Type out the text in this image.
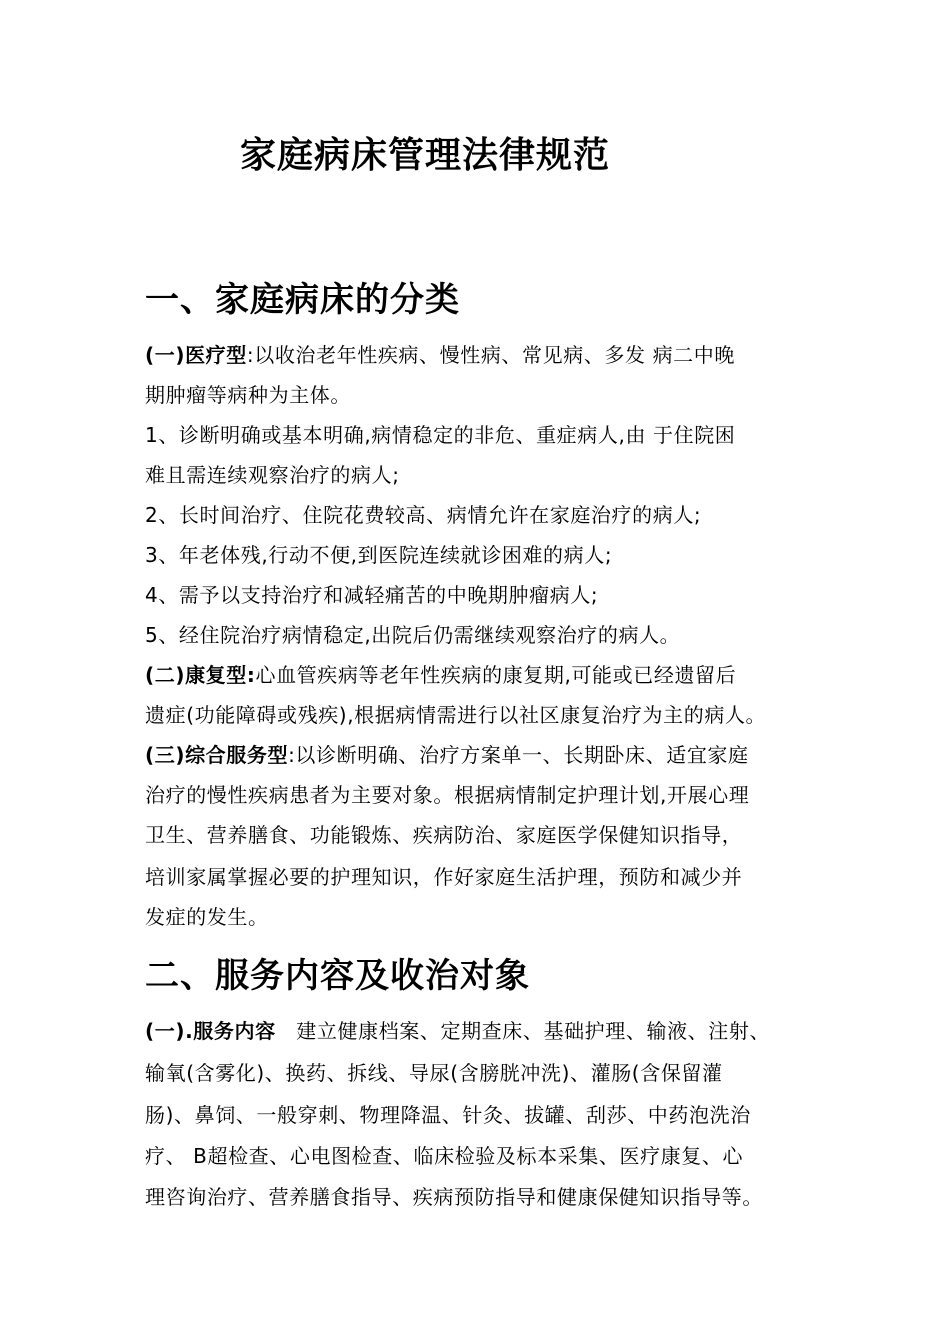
家庭病床管理法律规范
一、家庭病床的分类
(一)医疗型:以收治老年性疾病、慢性病、常见病、多发 病二中晚
期肿瘤等病种为主体。
1、诊断明确或基本明确,病情稳定的非危、重症病人,由 于住院困
难且需连续观察治疗的病人;
2、长时间治疗、住院花费较高、病情允许在家庭治疗的病人;
3、年老体残,行动不便,到医院连续就诊困难的病人;
4、需予以支持治疗和减轻痛苦的中晚期肿瘤病人;
5、经住院治疗病情稳定,出院后仍需继续观察治疗的病人。
(二)康复型:心血管疾病等老年性疾病的康复期,可能或已经遗留后
遗症(功能障碍或残疾),根据病情需进行以社区康复治疗为主的病人。
(三)综合服务型:以诊断明确、治疗方案单一、长期卧床、适宜家庭
治疗的慢性疾病患者为主要对象。根据病情制定护理计划,开展心理
卫生、营养膳食、功能锻炼、疾病防治、家庭医学保健知识指导，
培训家属掌握必要的护理知识，作好家庭生活护理，预防和减少并
发症的发生。
二、服务内容及收治对象
(一).服务内容　建立健康档案、定期查床、基础护理、输液、注射、
输氧(含雾化)、换药、拆线、导尿(含膀胱冲洗)、灌肠(含保留灌
肠)、鼻饲、一般穿刺、物理降温、针灸、拔罐、刮莎、中药泡洗治
疗、 B超检查、心电图检查、临床检验及标本采集、医疗康复、心
理咨询治疗、营养膳食指导、疾病预防指导和健康保健知识指导等。
